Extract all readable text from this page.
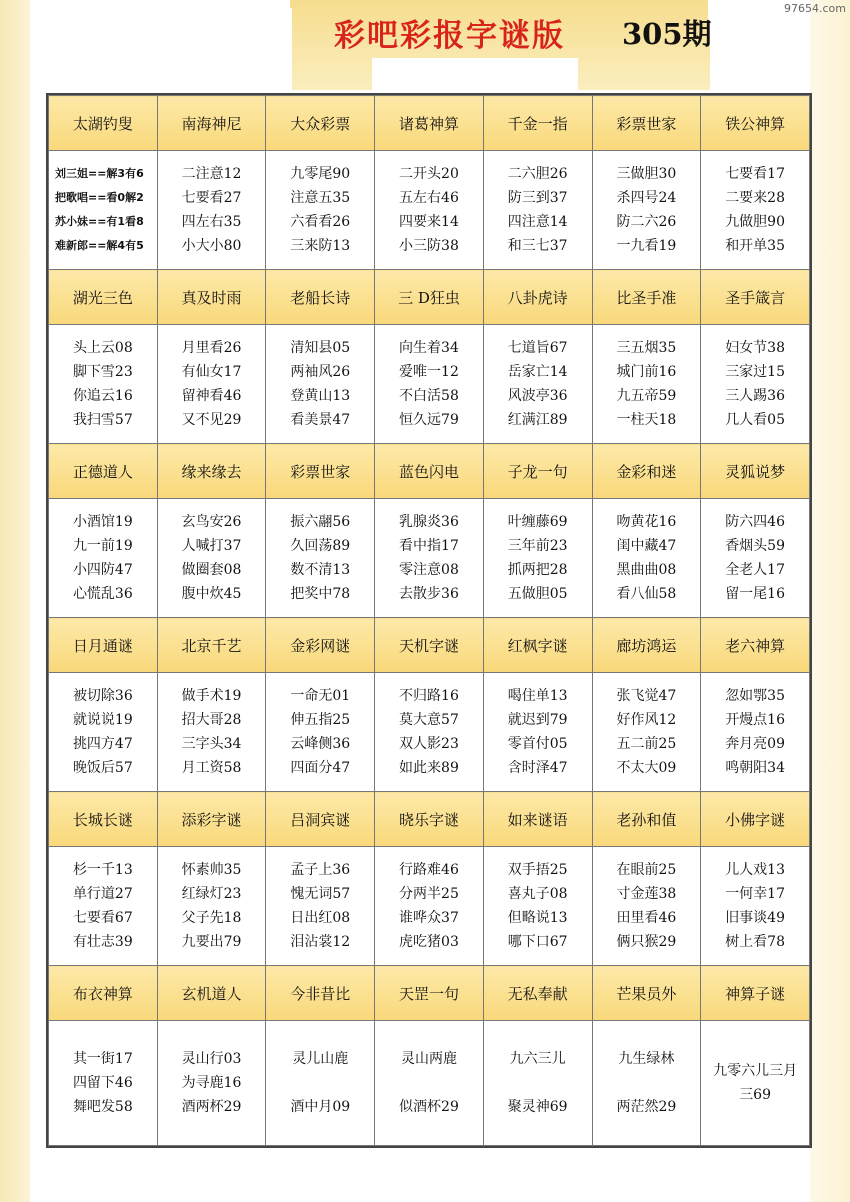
97654.com
彩吧彩报字谜版 305期
太湖钓叟	南海神尼	大众彩票	诸葛神算	千金一指	彩票世家	铁公神算

刘三姐==解3有6
把歌唱==看0解2
苏小妹==有1看8
难新郎==解4有5	二注意12
七要看27
四左右35
小大小80	九零尾90
注意五35
六看看26
三来防13	二开头20
五左右46
四要来14
小三防38	二六胆26
防三到37
四注意14
和三七37	三做胆30
杀四号24
防二六26
一九看19	七要看17
二要来28
九做胆90
和开单35

湖光三色	真及时雨	老船长诗	三 D狂虫	八卦虎诗	比圣手准	圣手箴言

头上云08
脚下雪23
你追云16
我扫雪57	月里看26
有仙女17
留神看46
又不见29	清知县05
两袖风26
登黄山13
看美景47	向生着34
爱唯一12
不白活58
恒久远79	七道旨67
岳家亡14
风波亭36
红满江89	三五烟35
城门前16
九五帝59
一柱天18	妇女节38
三家过15
三人踢36
几人看05

正德道人	缘来缘去	彩票世家	蓝色闪电	子龙一句	金彩和迷	灵狐说梦

小酒馆19
九一前19
小四防47
心慌乱36	玄鸟安26
人喊打37
做圈套08
腹中炊45	振六翮56
久回荡89
数不清13
把奖中78	乳腺炎36
看中指17
零注意08
去散步36	叶缠藤69
三年前23
抓两把28
五做胆05	吻黄花16
闺中藏47
黑曲曲08
看八仙58	防六四46
香烟头59
全老人17
留一尾16

日月通谜	北京千艺	金彩网谜	天机字谜	红枫字谜	廊坊鸿运	老六神算

被切除36
就说说19
挑四方47
晚饭后57	做手术19
招大哥28
三字头34
月工资58	一命无01
伸五指25
云峰侧36
四面分47	不归路16
莫大意57
双人影23
如此来89	喝住单13
就迟到79
零首付05
含时泽47	张飞觉47
好作风12
五二前25
不太大09	忽如鄂35
开熳点16
奔月亮09
鸣朝阳34

长城长谜	添彩字谜	吕洞宾谜	晓乐字谜	如来谜语	老孙和值	小佛字谜

杉一千13
单行道27
七要看67
有壮志39	怀素帅35
红绿灯23
父子先18
九要出79	孟子上36
愧无词57
日出红08
泪沾裳12	行路难46
分两半25
谁哗众37
虎吃猪03	双手捂25
喜丸子08
但略说13
哪下口67	在眼前25
寸金莲38
田里看46
俩只猴29	儿人戏13
一何幸17
旧事谈49
树上看78

布衣神算	玄机道人	今非昔比	天罡一句	无私奉献	芒果员外	神算子谜

其一街17
四留下46
舞吧发58	灵山行03
为寻鹿16
酒两杯29	灵儿山鹿

酒中月09	灵山两鹿

似酒杯29	九六三儿

聚灵神69	九生绿林

两茫然29	九零六儿三月
三69
